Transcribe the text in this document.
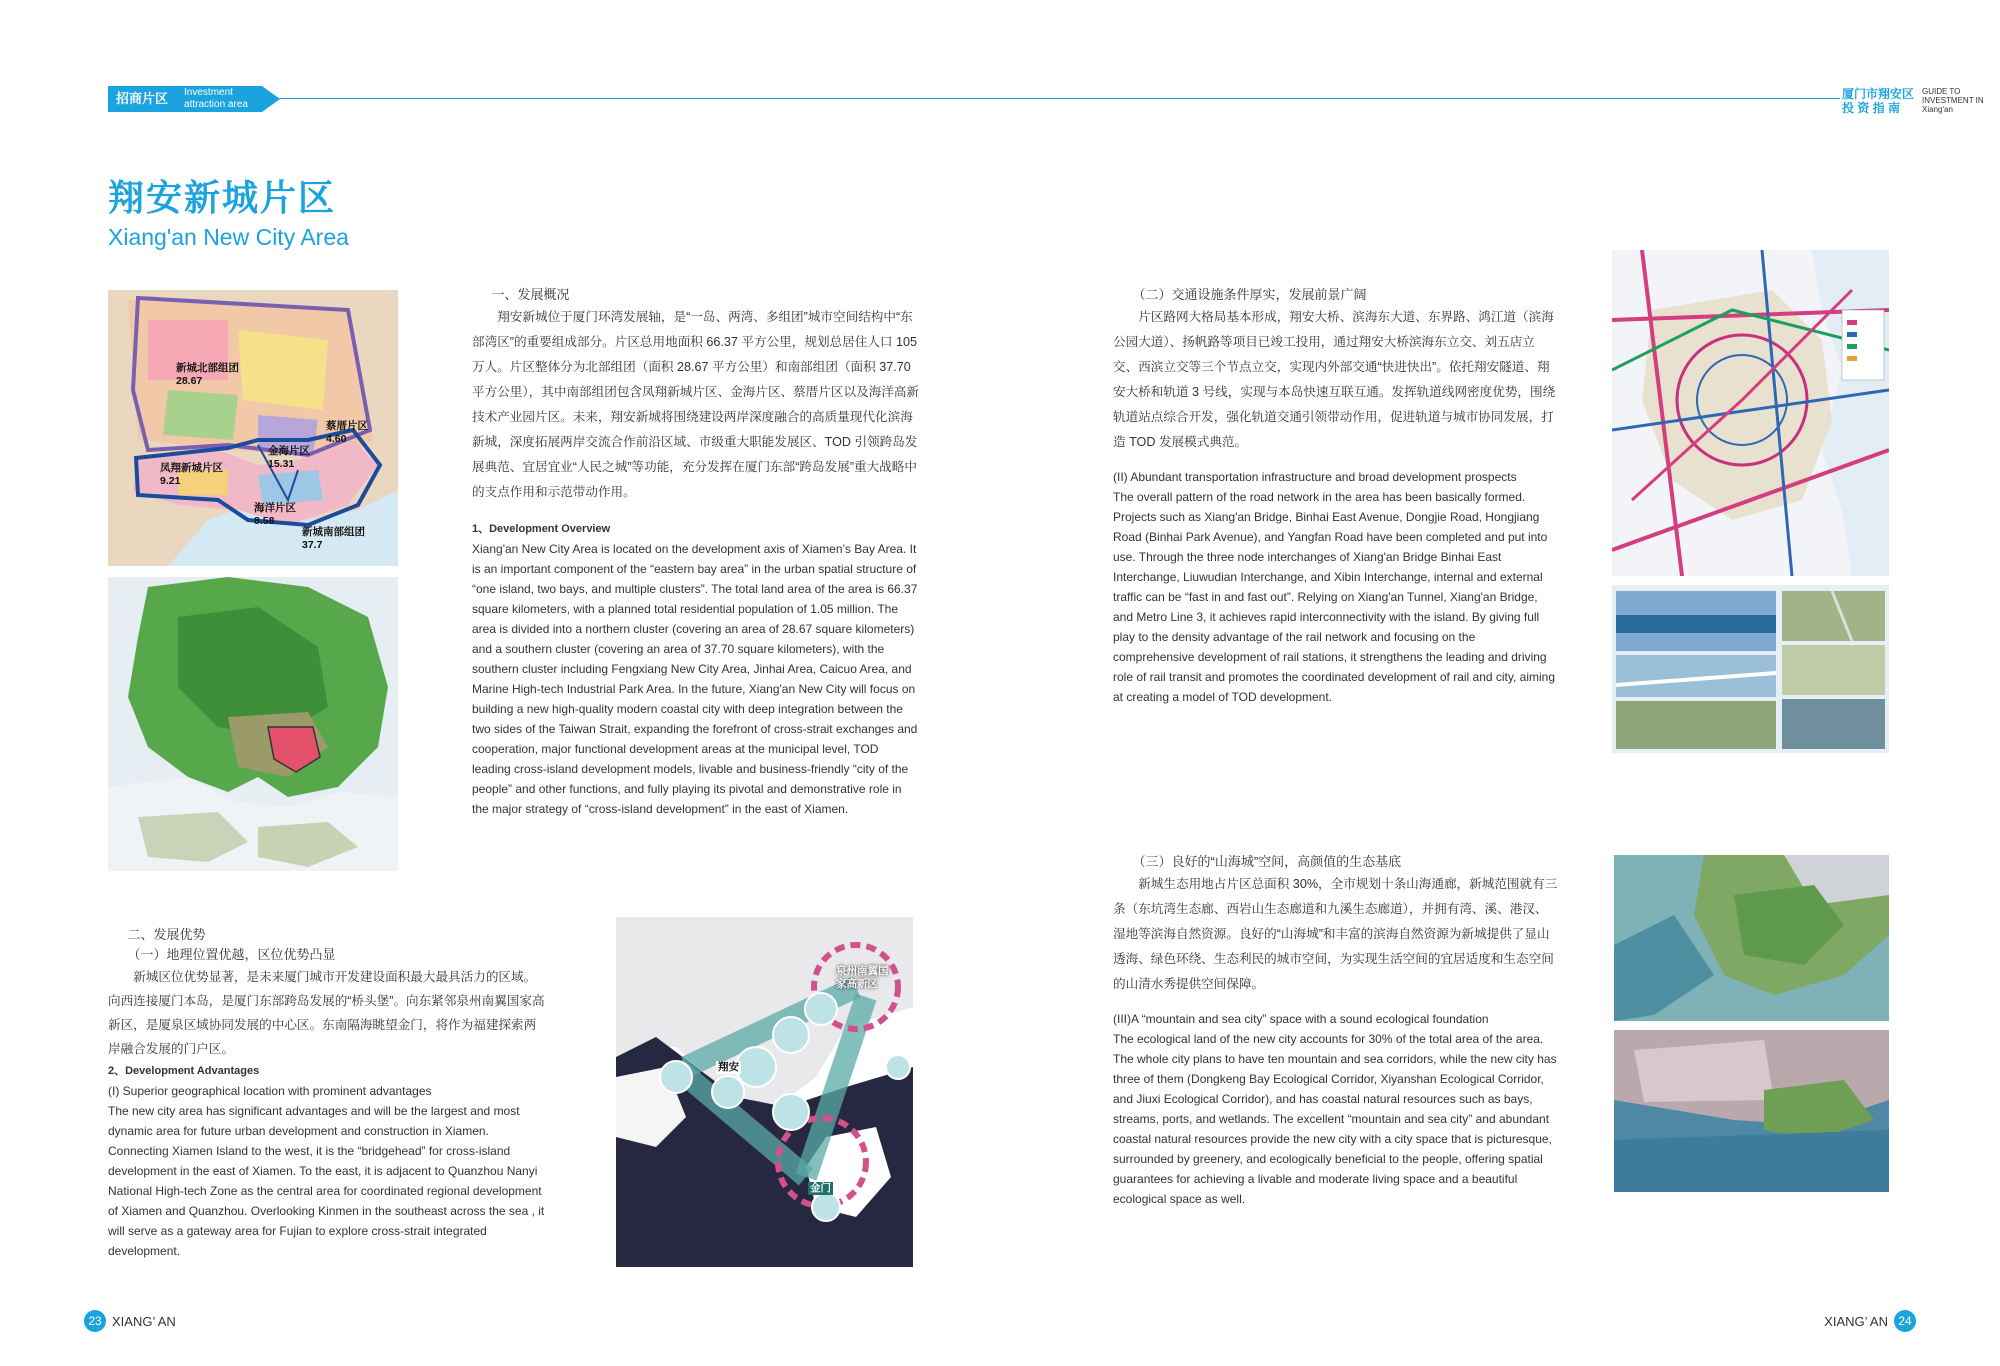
招商片区	Investment attraction area
厦门市翔安区
投 资 指 南
GUIDE TO INVESTMENT IN Xiang'an
翔安新城片区
Xiang'an New City Area
新城北部组团
28.67
蔡厝片区
4.60
金海片区
15.31
凤翔新城片区
9.21
海洋片区
8.58
新城南部组团
37.7
泉州南翼国家高新区
翔安
金门

一、发展概况

翔安新城位于厦门环湾发展轴，是“一岛、两湾、多组团”城市空间结构中“东部湾区”的重要组成部分。片区总用地面积 66.37 平方公里，规划总居住人口 105 万人。片区整体分为北部组团（面积 28.67 平方公里）和南部组团（面积 37.70 平方公里），其中南部组团包含凤翔新城片区、金海片区、蔡厝片区以及海洋高新技术产业园片区。未来，翔安新城将围绕建设两岸深度融合的高质量现代化滨海新城，深度拓展两岸交流合作前沿区域、市级重大职能发展区、TOD 引领跨岛发展典范、宜居宜业“人民之城”等功能，充分发挥在厦门东部“跨岛发展”重大战略中的支点作用和示范带动作用。

1、Development Overview

Xiang'an New City Area is located on the development axis of Xiamen’s Bay Area. It is an important component of the “eastern bay area” in the urban spatial structure of “one island, two bays, and multiple clusters”. The total land area of the area is 66.37 square kilometers, with a planned total residential population of 1.05 million. The area is divided into a northern cluster (covering an area of 28.67 square kilometers) and a southern cluster (covering an area of 37.70 square kilometers), with the southern cluster including Fengxiang New City Area, Jinhai Area, Caicuo Area, and Marine High-tech Industrial Park Area. In the future, Xiang'an New City will focus on building a new high-quality modern coastal city with deep integration between the two sides of the Taiwan Strait, expanding the forefront of cross-strait exchanges and cooperation, major functional development areas at the municipal level, TOD leading cross-island development models, livable and business-friendly “city of the people” and other functions, and fully playing its pivotal and demonstrative role in the major strategy of “cross-island development” in the east of Xiamen.

二、发展优势

（一）地理位置优越，区位优势凸显

新城区位优势显著，是未来厦门城市开发建设面积最大最具活力的区域。向西连接厦门本岛，是厦门东部跨岛发展的“桥头堡”。向东紧邻泉州南翼国家高新区，是厦泉区域协同发展的中心区。东南隔海眺望金门，将作为福建探索两岸融合发展的门户区。

2、Development Advantages

(I) Superior geographical location with prominent advantages

The new city area has significant advantages and will be the largest and most dynamic area for future urban development and construction in Xiamen. Connecting Xiamen Island to the west, it is the “bridgehead” for cross-island development in the east of Xiamen. To the east, it is adjacent to Quanzhou Nanyi National High-tech Zone as the central area for coordinated regional development of Xiamen and Quanzhou. Overlooking Kinmen in the southeast across the sea , it will serve as a gateway area for Fujian to explore cross-strait integrated development.

（二）交通设施条件厚实，发展前景广阔

片区路网大格局基本形成，翔安大桥、滨海东大道、东界路、鸿江道（滨海公园大道）、扬帆路等项目已竣工投用，通过翔安大桥滨海东立交、刘五店立交、西滨立交等三个节点立交，实现内外部交通“快进快出”。依托翔安隧道、翔安大桥和轨道 3 号线，实现与本岛快速互联互通。发挥轨道线网密度优势，围绕轨道站点综合开发，强化轨道交通引领带动作用，促进轨道与城市协同发展，打造 TOD 发展模式典范。

(II) Abundant transportation infrastructure and broad development prospects

The overall pattern of the road network in the area has been basically formed. Projects such as Xiang'an Bridge, Binhai East Avenue, Dongjie Road, Hongjiang Road (Binhai Park Avenue), and Yangfan Road have been completed and put into use. Through the three node interchanges of Xiang'an Bridge Binhai East Interchange, Liuwudian Interchange, and Xibin Interchange, internal and external traffic can be “fast in and fast out”. Relying on Xiang'an Tunnel, Xiang'an Bridge, and Metro Line 3, it achieves rapid interconnectivity with the island. By giving full play to the density advantage of the rail network and focusing on the comprehensive development of rail stations, it strengthens the leading and driving role of rail transit and promotes the coordinated development of rail and city, aiming at creating a model of TOD development.

（三）良好的“山海城”空间，高颜值的生态基底

新城生态用地占片区总面积 30%，全市规划十条山海通廊，新城范围就有三条（东坑湾生态廊、西岩山生态廊道和九溪生态廊道），并拥有湾、溪、港汊、湿地等滨海自然资源。良好的“山海城”和丰富的滨海自然资源为新城提供了显山透海、绿色环绕、生态利民的城市空间，为实现生活空间的宜居适度和生态空间的山清水秀提供空间保障。

(III)A “mountain and sea city” space with a sound ecological foundation

The ecological land of the new city accounts for 30% of the total area of the area. The whole city plans to have ten mountain and sea corridors, while the new city has three of them (Dongkeng Bay Ecological Corridor, Xiyanshan Ecological Corridor, and Jiuxi Ecological Corridor), and has coastal natural resources such as bays, streams, ports, and wetlands. The excellent “mountain and sea city” and abundant coastal natural resources provide the new city with a city space that is picturesque, surrounded by greenery, and ecologically beneficial to the people, offering spatial guarantees for achieving a livable and moderate living space and a beautiful ecological space as well.

23 XIANG’ AN	XIANG’ AN 24
